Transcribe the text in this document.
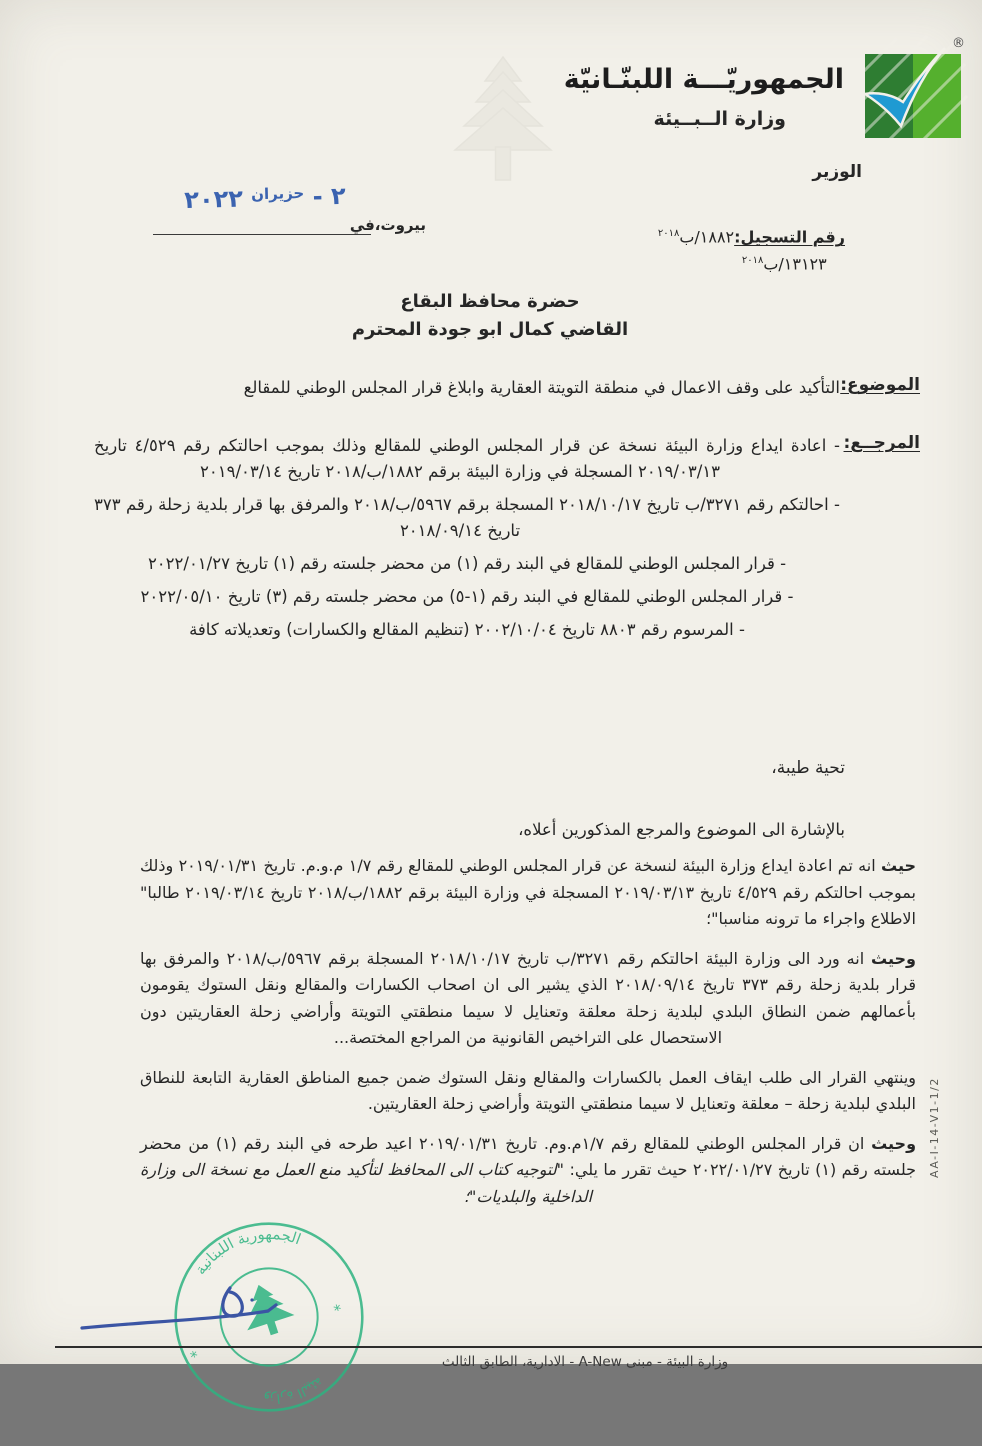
®
الجمهوريّـــة اللبنّـانيّة
وزارة الــبــيئة
الوزير
بيروت،في
٢ - $^{حزيران}$ ٢٠٢٢
رقم التسجيل:١٨٨٢/ب$^{٢٠١٨}$
١٣١٢٣/ب$^{٢٠١٨}$
حضرة محافظ البقاع
القاضي كمال ابو جودة المحترم
الموضوع:
التأكيد على وقف الاعمال في منطقة التويتة العقارية وابلاغ قرار المجلس الوطني للمقالع
المرجــع:
- اعادة ايداع وزارة البيئة نسخة عن قرار المجلس الوطني للمقالع وذلك بموجب احالتكم رقم ٤/٥٢٩ تاريخ ٢٠١٩/٠٣/١٣ المسجلة في وزارة البيئة برقم ١٨٨٢/ب/٢٠١٨ تاريخ ٢٠١٩/٠٣/١٤
- احالتكم رقم ٣٢٧١/ب تاريخ ٢٠١٨/١٠/١٧ المسجلة برقم ٥٩٦٧/ب/٢٠١٨ والمرفق بها قرار بلدية زحلة رقم ٣٧٣ تاريخ ٢٠١٨/٠٩/١٤
- قرار المجلس الوطني للمقالع في البند رقم (١) من محضر جلسته رقم (١) تاريخ ٢٠٢٢/٠١/٢٧
- قرار المجلس الوطني للمقالع في البند رقم (١-٥) من محضر جلسته رقم (٣) تاريخ ٢٠٢٢/٠٥/١٠
- المرسوم رقم ٨٨٠٣ تاريخ ٢٠٠٢/١٠/٠٤ (تنظيم المقالع والكسارات) وتعديلاته كافة
تحية طيبة،
بالإشارة الى الموضوع والمرجع المذكورين أعلاه،
حيث انه تم اعادة ايداع وزارة البيئة لنسخة عن قرار المجلس الوطني للمقالع رقم ١/٧ م.و.م. تاريخ ٢٠١٩/٠١/٣١ وذلك بموجب احالتكم رقم ٤/٥٢٩ تاريخ ٢٠١٩/٠٣/١٣ المسجلة في وزارة البيئة برقم ١٨٨٢/ب/٢٠١٨ تاريخ ٢٠١٩/٠٣/١٤ طالبا" الاطلاع واجراء ما ترونه مناسبا"؛
وحيث انه ورد الى وزارة البيئة احالتكم رقم ٣٢٧١/ب تاريخ ٢٠١٨/١٠/١٧ المسجلة برقم ٥٩٦٧/ب/٢٠١٨ والمرفق بها قرار بلدية زحلة رقم ٣٧٣ تاريخ ٢٠١٨/٠٩/١٤ الذي يشير الى ان اصحاب الكسارات والمقالع ونقل الستوك يقومون بأعمالهم ضمن النطاق البلدي لبلدية زحلة معلقة وتعنايل لا سيما منطقتي التويتة وأراضي زحلة العقاريتين دون الاستحصال على التراخيص القانونية من المراجع المختصة...
وينتهي القرار الى طلب ايقاف العمل بالكسارات والمقالع ونقل الستوك ضمن جميع المناطق العقارية التابعة للنطاق البلدي لبلدية زحلة – معلقة وتعنايل لا سيما منطقتي التويتة وأراضي زحلة العقاريتين.
وحيث ان قرار المجلس الوطني للمقالع رقم ١/٧م.وم. تاريخ ٢٠١٩/٠١/٣١ اعيد طرحه في البند رقم (١) من محضر جلسته رقم (١) تاريخ ٢٠٢٢/٠١/٢٧ حيث تقرر ما يلي: "لتوجيه كتاب الى المحافظ لتأكيد منع العمل مع نسخة الى وزارة الداخلية والبلديات"؛
الجمهورية اللبنانية
وزارة البيئة
*
*
AA-I-14-V1-1/2
وزارة البيئة - مبنى A-New - الادارية، الطابق الثالث
